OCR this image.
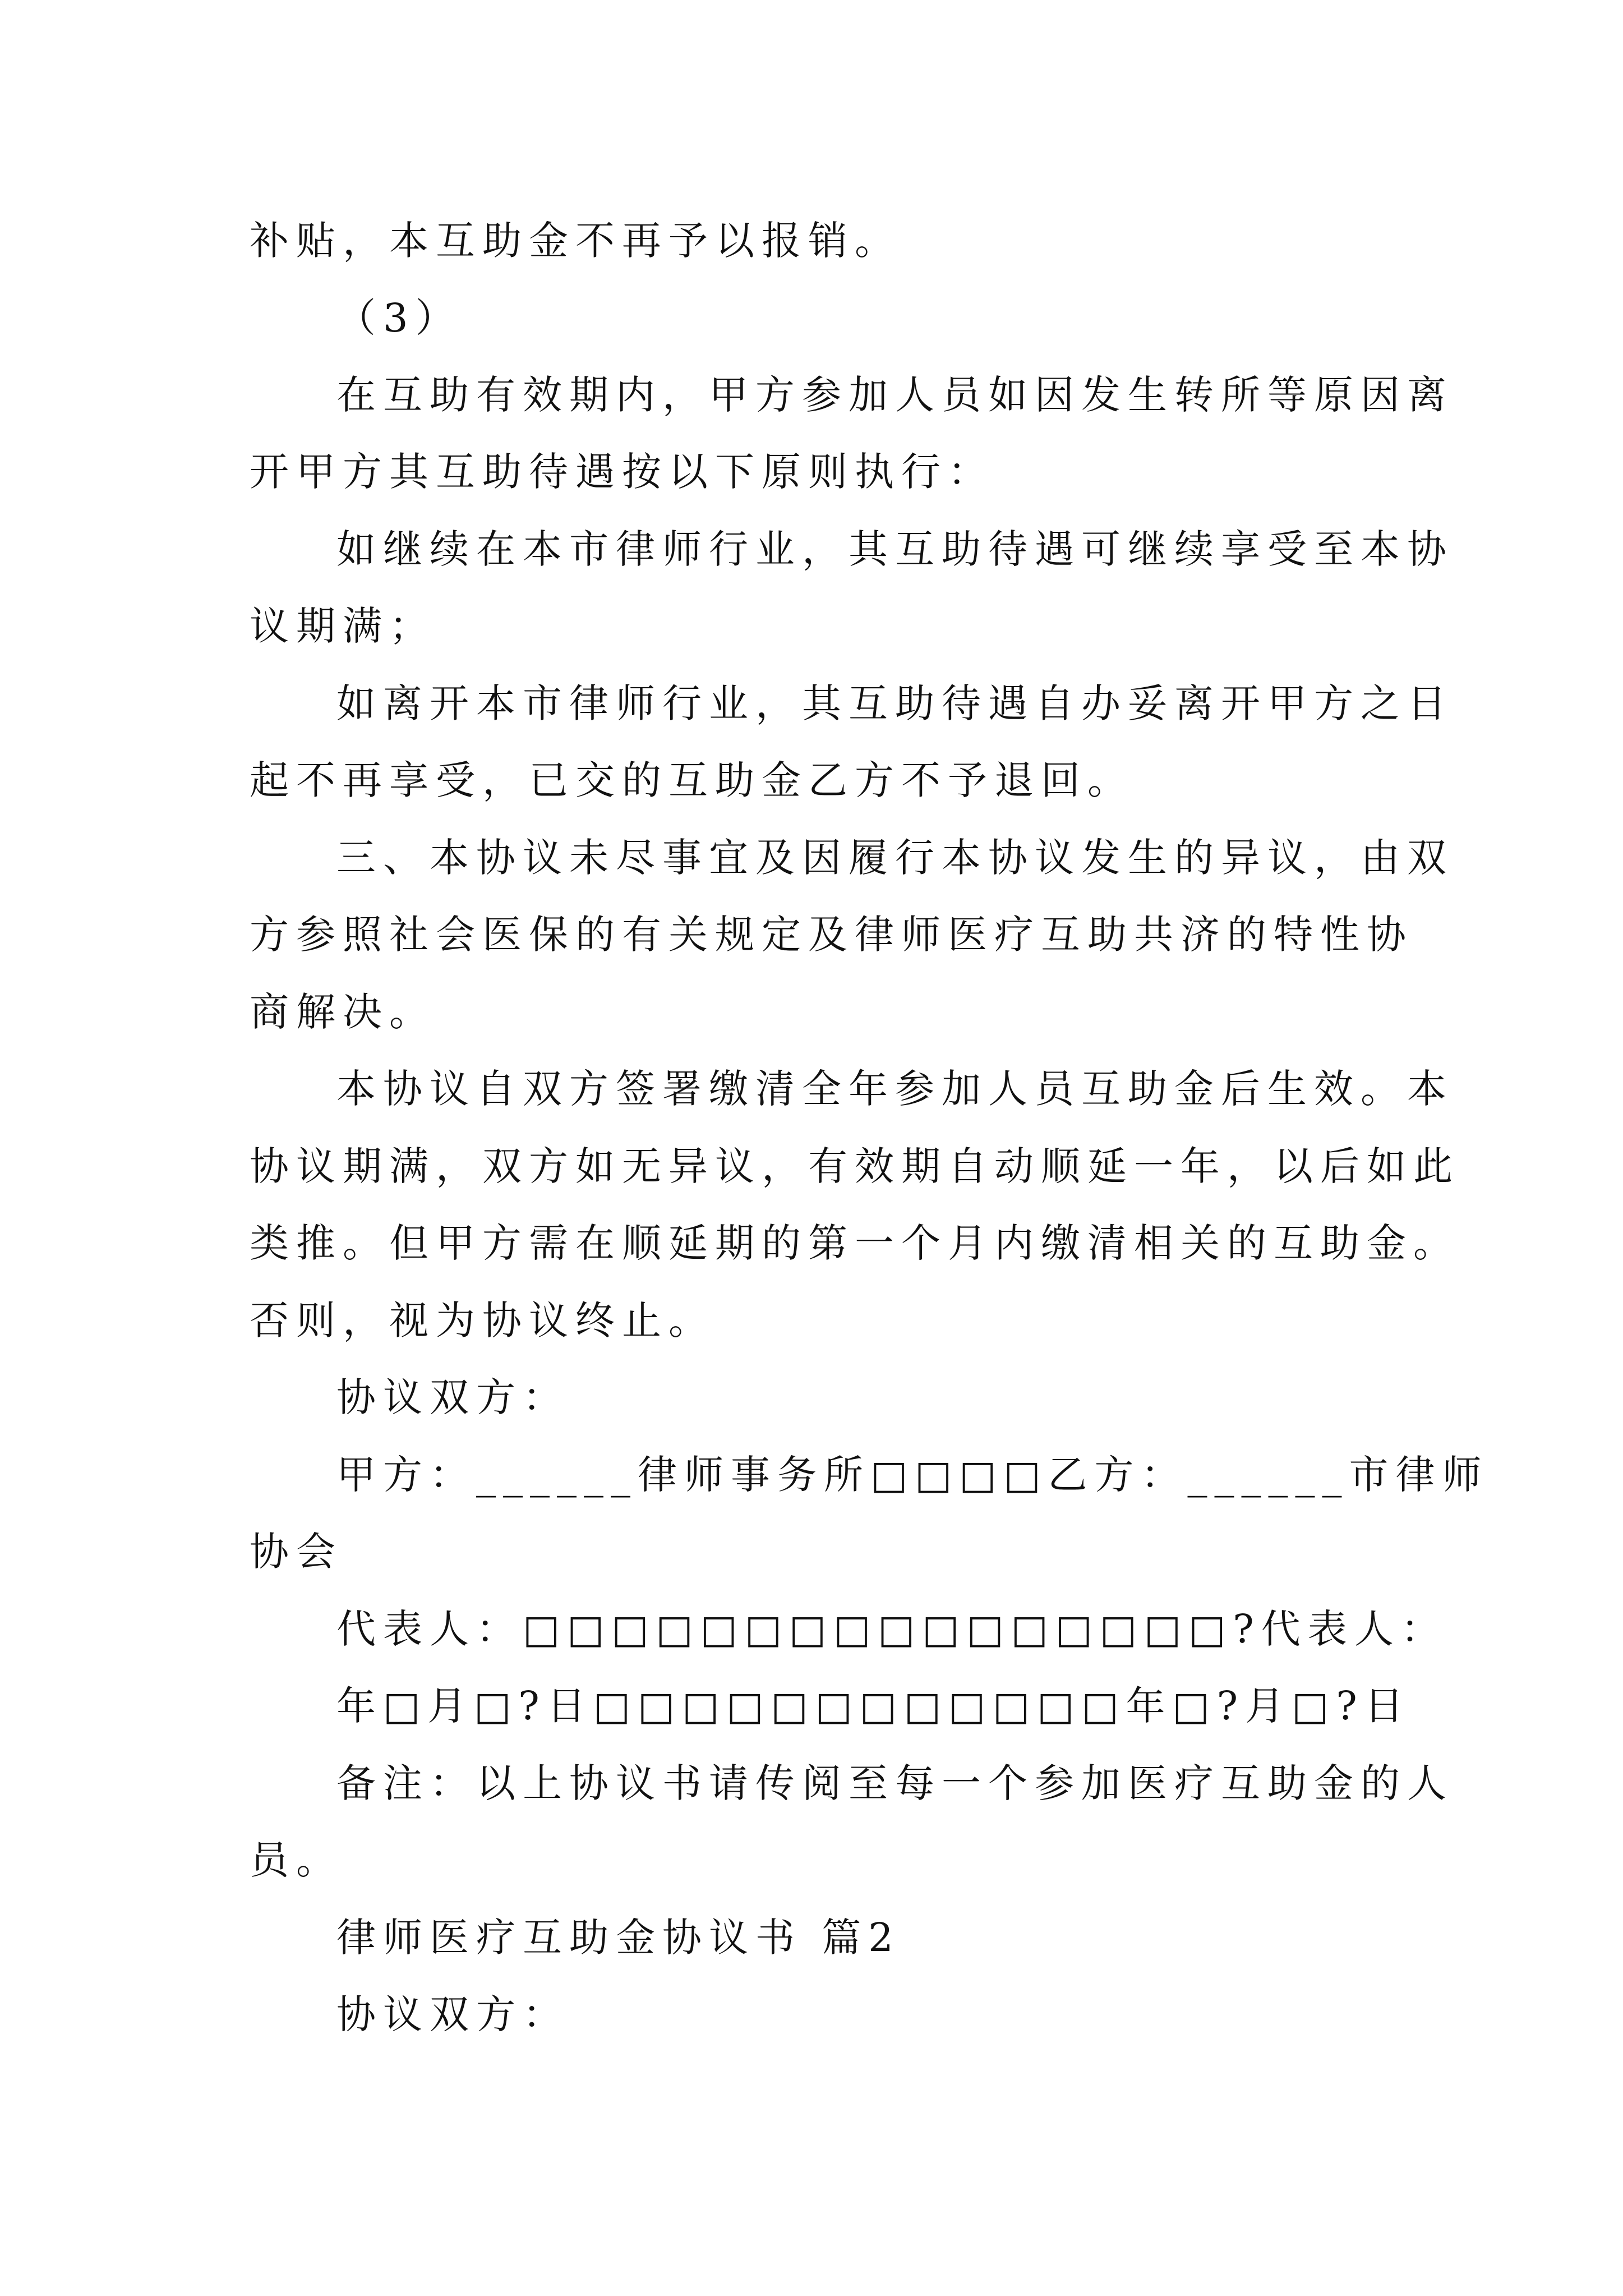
补贴，本互助金不再予以报销。

（3）

在互助有效期内，甲方参加人员如因发生转所等原因离

开甲方其互助待遇按以下原则执行：

如继续在本市律师行业，其互助待遇可继续享受至本协

议期满；

如离开本市律师行业，其互助待遇自办妥离开甲方之日

起不再享受，已交的互助金乙方不予退回。

三、本协议未尽事宜及因履行本协议发生的异议，由双

方参照社会医保的有关规定及律师医疗互助共济的特性协

商解决。

本协议自双方签署缴清全年参加人员互助金后生效。本

协议期满，双方如无异议，有效期自动顺延一年，以后如此

类推。但甲方需在顺延期的第一个月内缴清相关的互助金。

否则，视为协议终止。

协议双方：

甲方：______律师事务所□□□□乙方：______市律师

协会

代表人：□□□□□□□□□□□□□□□□?代表人：

年□月□?日□□□□□□□□□□□□年□?月□?日

备注：以上协议书请传阅至每一个参加医疗互助金的人

员。

律师医疗互助金协议书 篇2

协议双方：
